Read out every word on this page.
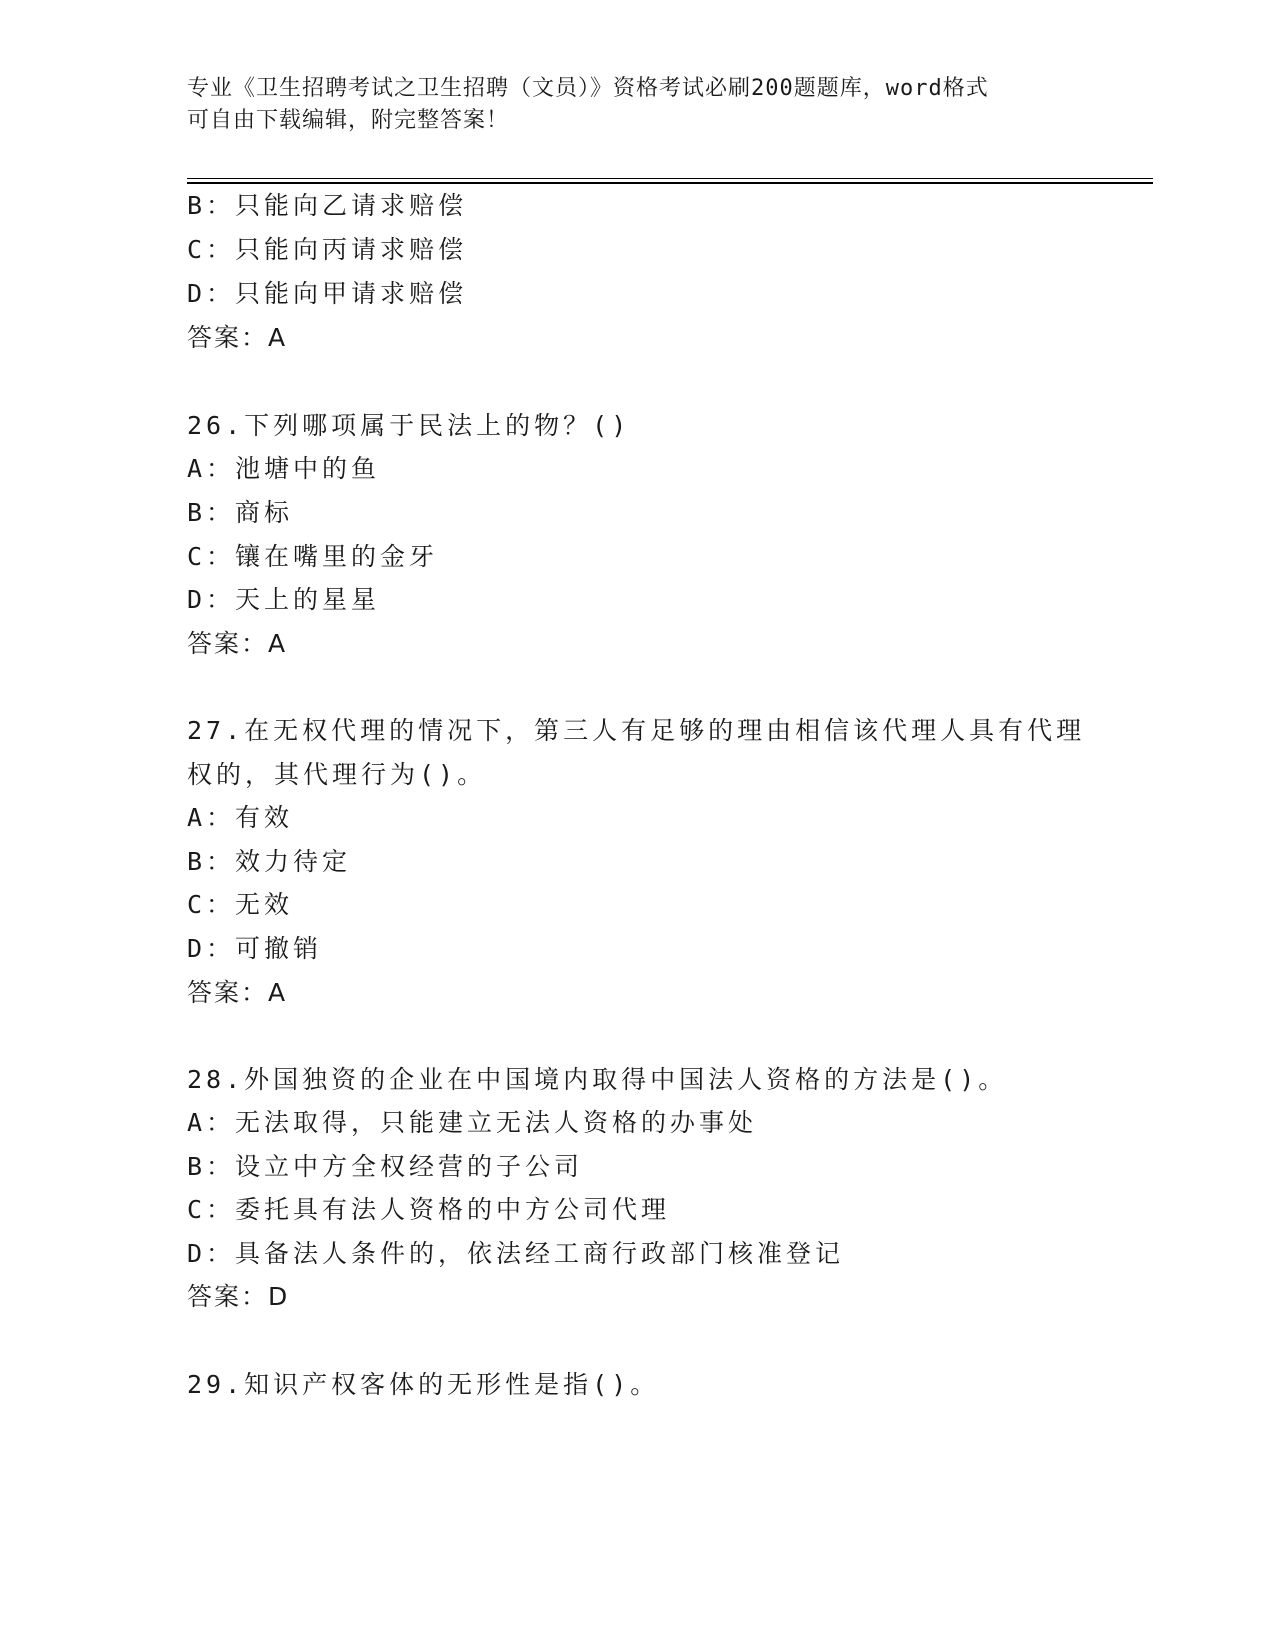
专业《卫生招聘考试之卫生招聘（文员）》资格考试必刷200题题库，word格式
可自由下载编辑，附完整答案！
B：只能向乙请求赔偿
C：只能向丙请求赔偿
D：只能向甲请求赔偿
答案：A
26.下列哪项属于民法上的物？()
A：池塘中的鱼
B：商标
C：镶在嘴里的金牙
D：天上的星星
答案：A
27.在无权代理的情况下，第三人有足够的理由相信该代理人具有代理
权的，其代理行为()。
A：有效
B：效力待定
C：无效
D：可撤销
答案：A
28.外国独资的企业在中国境内取得中国法人资格的方法是()。
A：无法取得，只能建立无法人资格的办事处
B：设立中方全权经营的子公司
C：委托具有法人资格的中方公司代理
D：具备法人条件的，依法经工商行政部门核准登记
答案：D
29.知识产权客体的无形性是指()。
